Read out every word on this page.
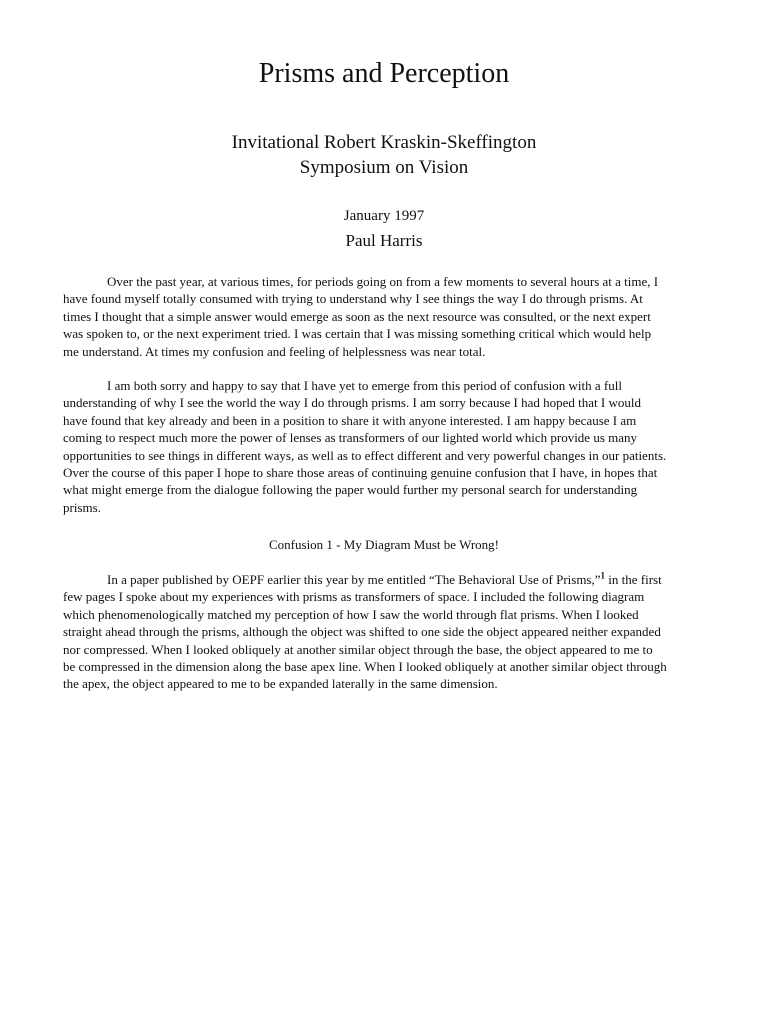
Prisms and Perception
Invitational Robert Kraskin-Skeffington
Symposium on Vision
January 1997
Paul Harris
Over the past year, at various times, for periods going on from a few moments to several hours at a time, I
have found myself totally consumed with trying to understand why I see things the way I do through prisms. At
times I thought that a simple answer would emerge as soon as the next resource was consulted, or the next expert
was spoken to, or the next experiment tried. I was certain that I was missing something critical which would help
me understand. At times my confusion and feeling of helplessness was near total.
I am both sorry and happy to say that I have yet to emerge from this period of confusion with a full
understanding of why I see the world the way I do through prisms. I am sorry because I had hoped that I would
have found that key already and been in a position to share it with anyone interested. I am happy because I am
coming to respect much more the power of lenses as transformers of our lighted world which provide us many
opportunities to see things in different ways, as well as to effect different and very powerful changes in our patients.
Over the course of this paper I hope to share those areas of continuing genuine confusion that I have, in hopes that
what might emerge from the dialogue following the paper would further my personal search for understanding
prisms.
Confusion 1 - My Diagram Must be Wrong!
In a paper published by OEPF earlier this year by me entitled “The Behavioral Use of Prisms,”$^1$ in the first
few pages I spoke about my experiences with prisms as transformers of space. I included the following diagram
which phenomenologically matched my perception of how I saw the world through flat prisms. When I looked
straight ahead through the prisms, although the object was shifted to one side the object appeared neither expanded
nor compressed. When I looked obliquely at another similar object through the base, the object appeared to me to
be compressed in the dimension along the base apex line. When I looked obliquely at another similar object through
the apex, the object appeared to me to be expanded laterally in the same dimension.
